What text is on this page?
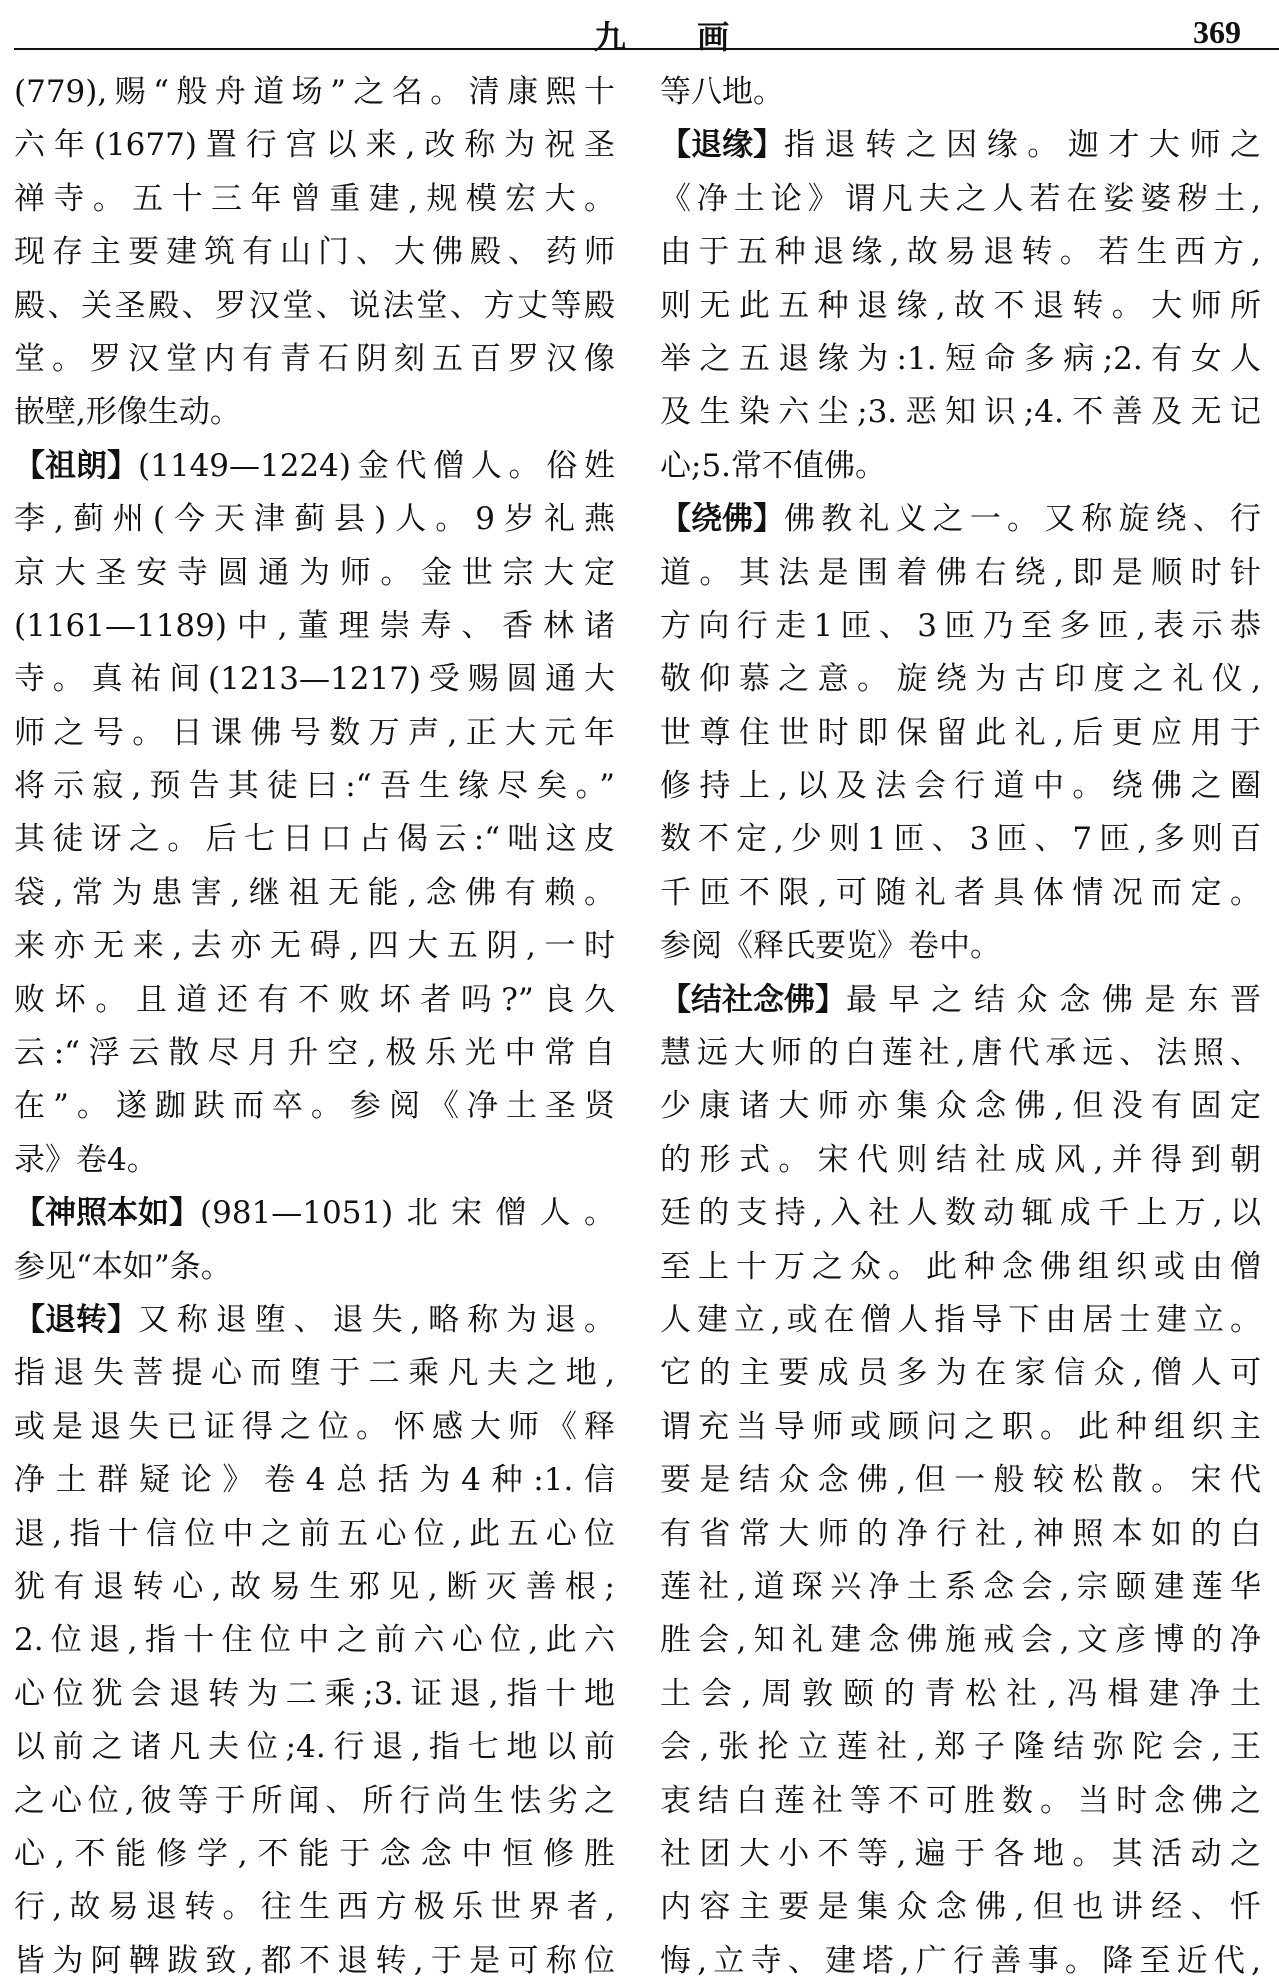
九 画	369
(779),赐“般舟道场”之名。清康熙十
六年(1677)置行宫以来,改称为祝圣
禅寺。五十三年曾重建,规模宏大。
现存主要建筑有山门、大佛殿、药师
殿、关圣殿、罗汉堂、说法堂、方丈等殿
堂。罗汉堂内有青石阴刻五百罗汉像
嵌壁,形像生动。
【祖朗】 (1149—1224)金代僧人。俗姓
李,蓟州(今天津蓟县)人。9岁礼燕
京大圣安寺圆通为师。金世宗大定
(1161—1189)中,董理崇寿、香林诸
寺。真祐间(1213—1217)受赐圆通大
师之号。日课佛号数万声,正大元年
将示寂,预告其徒曰:“吾生缘尽矣。”
其徒讶之。后七日口占偈云:“咄这皮
袋,常为患害,继祖无能,念佛有赖。
来亦无来,去亦无碍,四大五阴,一时
败坏。且道还有不败坏者吗?”良久
云:“浮云散尽月升空,极乐光中常自
在”。遂跏趺而卒。参阅《净土圣贤
录》卷4。
【神照本如】 (981—1051)北宋僧人。
参见“本如”条。
【退转】 又称退堕、退失,略称为退。
指退失菩提心而堕于二乘凡夫之地,
或是退失已证得之位。怀感大师《释
净土群疑论》卷4总括为4种:1.信
退,指十信位中之前五心位,此五心位
犹有退转心,故易生邪见,断灭善根;
2.位退,指十住位中之前六心位,此六
心位犹会退转为二乘;3.证退,指十地
以前之诸凡夫位;4.行退,指七地以前
之心位,彼等于所闻、所行尚生怯劣之
心,不能修学,不能于念念中恒修胜
行,故易退转。往生西方极乐世界者,
皆为阿鞞跋致,都不退转,于是可称位
等八地。
【退缘】 指退转之因缘。迦才大师之
《净土论》谓凡夫之人若在娑婆秽土,
由于五种退缘,故易退转。若生西方,
则无此五种退缘,故不退转。大师所
举之五退缘为:1.短命多病;2.有女人
及生染六尘;3.恶知识;4.不善及无记
心;5.常不值佛。
【绕佛】 佛教礼义之一。又称旋绕、行
道。其法是围着佛右绕,即是顺时针
方向行走1匝、3匝乃至多匝,表示恭
敬仰慕之意。旋绕为古印度之礼仪,
世尊住世时即保留此礼,后更应用于
修持上,以及法会行道中。绕佛之圈
数不定,少则1匝、3匝、7匝,多则百
千匝不限,可随礼者具体情况而定。
参阅《释氏要览》卷中。
【结社念佛】 最早之结众念佛是东晋
慧远大师的白莲社,唐代承远、法照、
少康诸大师亦集众念佛,但没有固定
的形式。宋代则结社成风,并得到朝
廷的支持,入社人数动辄成千上万,以
至上十万之众。此种念佛组织或由僧
人建立,或在僧人指导下由居士建立。
它的主要成员多为在家信众,僧人可
谓充当导师或顾问之职。此种组织主
要是结众念佛,但一般较松散。宋代
有省常大师的净行社,神照本如的白
莲社,道琛兴净土系念会,宗颐建莲华
胜会,知礼建念佛施戒会,文彦博的净
土会,周敦颐的青松社,冯楫建净土
会,张抡立莲社,郑子隆结弥陀会,王
衷结白莲社等不可胜数。当时念佛之
社团大小不等,遍于各地。其活动之
内容主要是集众念佛,但也讲经、忏
悔,立寺、建塔,广行善事。降至近代,
